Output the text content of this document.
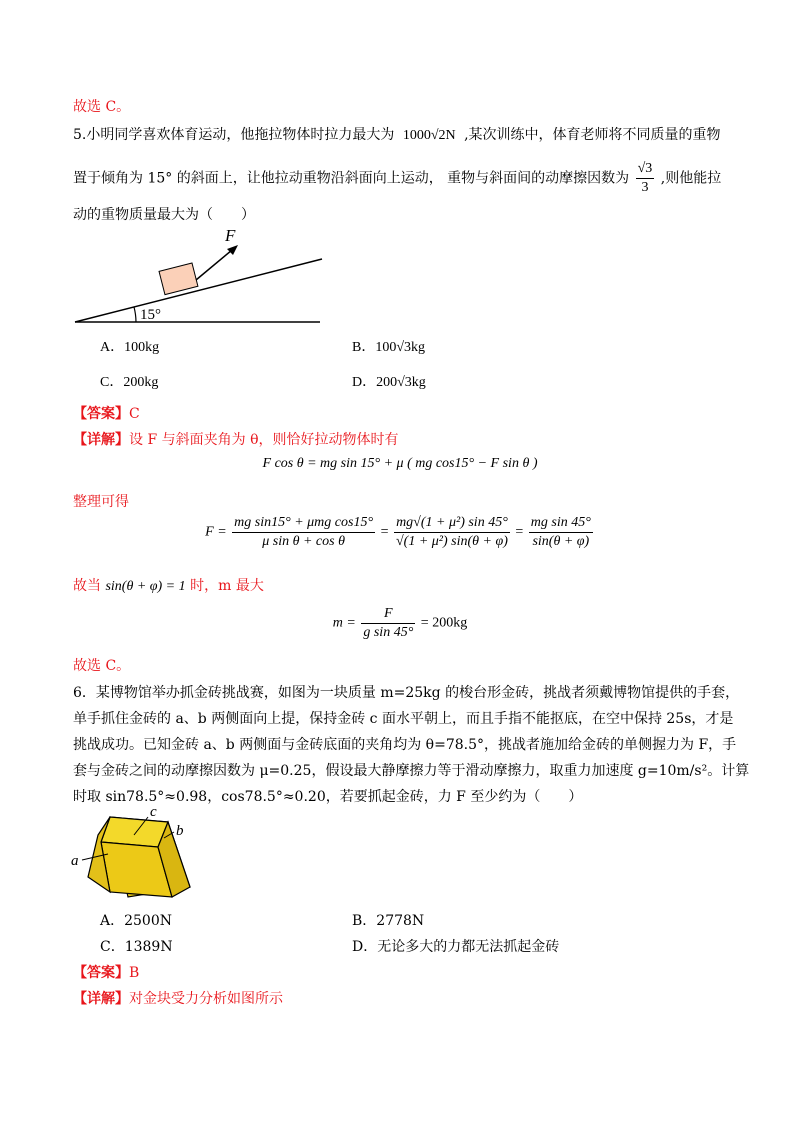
故选 C。
5.小明同学喜欢体育运动，他拖拉物体时拉力最大为 1000√2N ,某次训练中，体育老师将不同质量的重物
置于倾角为 15° 的斜面上，让他拉动重物沿斜面向上运动， 重物与斜面间的动摩擦因数为 $\frac{√3}{3}$ ,则他能拉
动的重物质量最大为（　　）
F
15°
A．100kg	B．100√3kg
C．200kg	D．200√3kg
【答案】C
【详解】设 F 与斜面夹角为 θ，则恰好拉动物体时有
F cos θ = mg sin 15° + μ ( mg cos15° − F sin θ )
整理可得
$F = \frac{\text{mg sin15° + μmg cos15°}}{\text{μ sin θ + cos θ}} = \frac{\text{mg√(1 + μ²) sin 45°}}{\text{√(1 + μ²) sin(θ + φ)}} = \frac{\text{mg sin 45°}}{\sin(\theta + \varphi)}$
故当 sin(θ + φ) = 1 时，m 最大
$m = \frac{F}{\text{g sin 45°}} = 200kg$
故选 C。
6．某博物馆举办抓金砖挑战赛，如图为一块质量 m=25kg 的梭台形金砖，挑战者须戴博物馆提供的手套，
单手抓住金砖的 a、b 两侧面向上提，保持金砖 c 面水平朝上，而且手指不能抠底，在空中保持 25s，才是
挑战成功。已知金砖 a、b 两侧面与金砖底面的夹角均为 θ=78.5°，挑战者施加给金砖的单侧握力为 F，手
套与金砖之间的动摩擦因数为 μ=0.25，假设最大静摩擦力等于滑动摩擦力，取重力加速度 g=10m/s²。计算
时取 sin78.5°≈0.98，cos78.5°≈0.20，若要抓起金砖，力 F 至少约为（　　）
c
b
a
A．2500N	B．2778N
C．1389N	D．无论多大的力都无法抓起金砖
【答案】B
【详解】对金块受力分析如图所示
